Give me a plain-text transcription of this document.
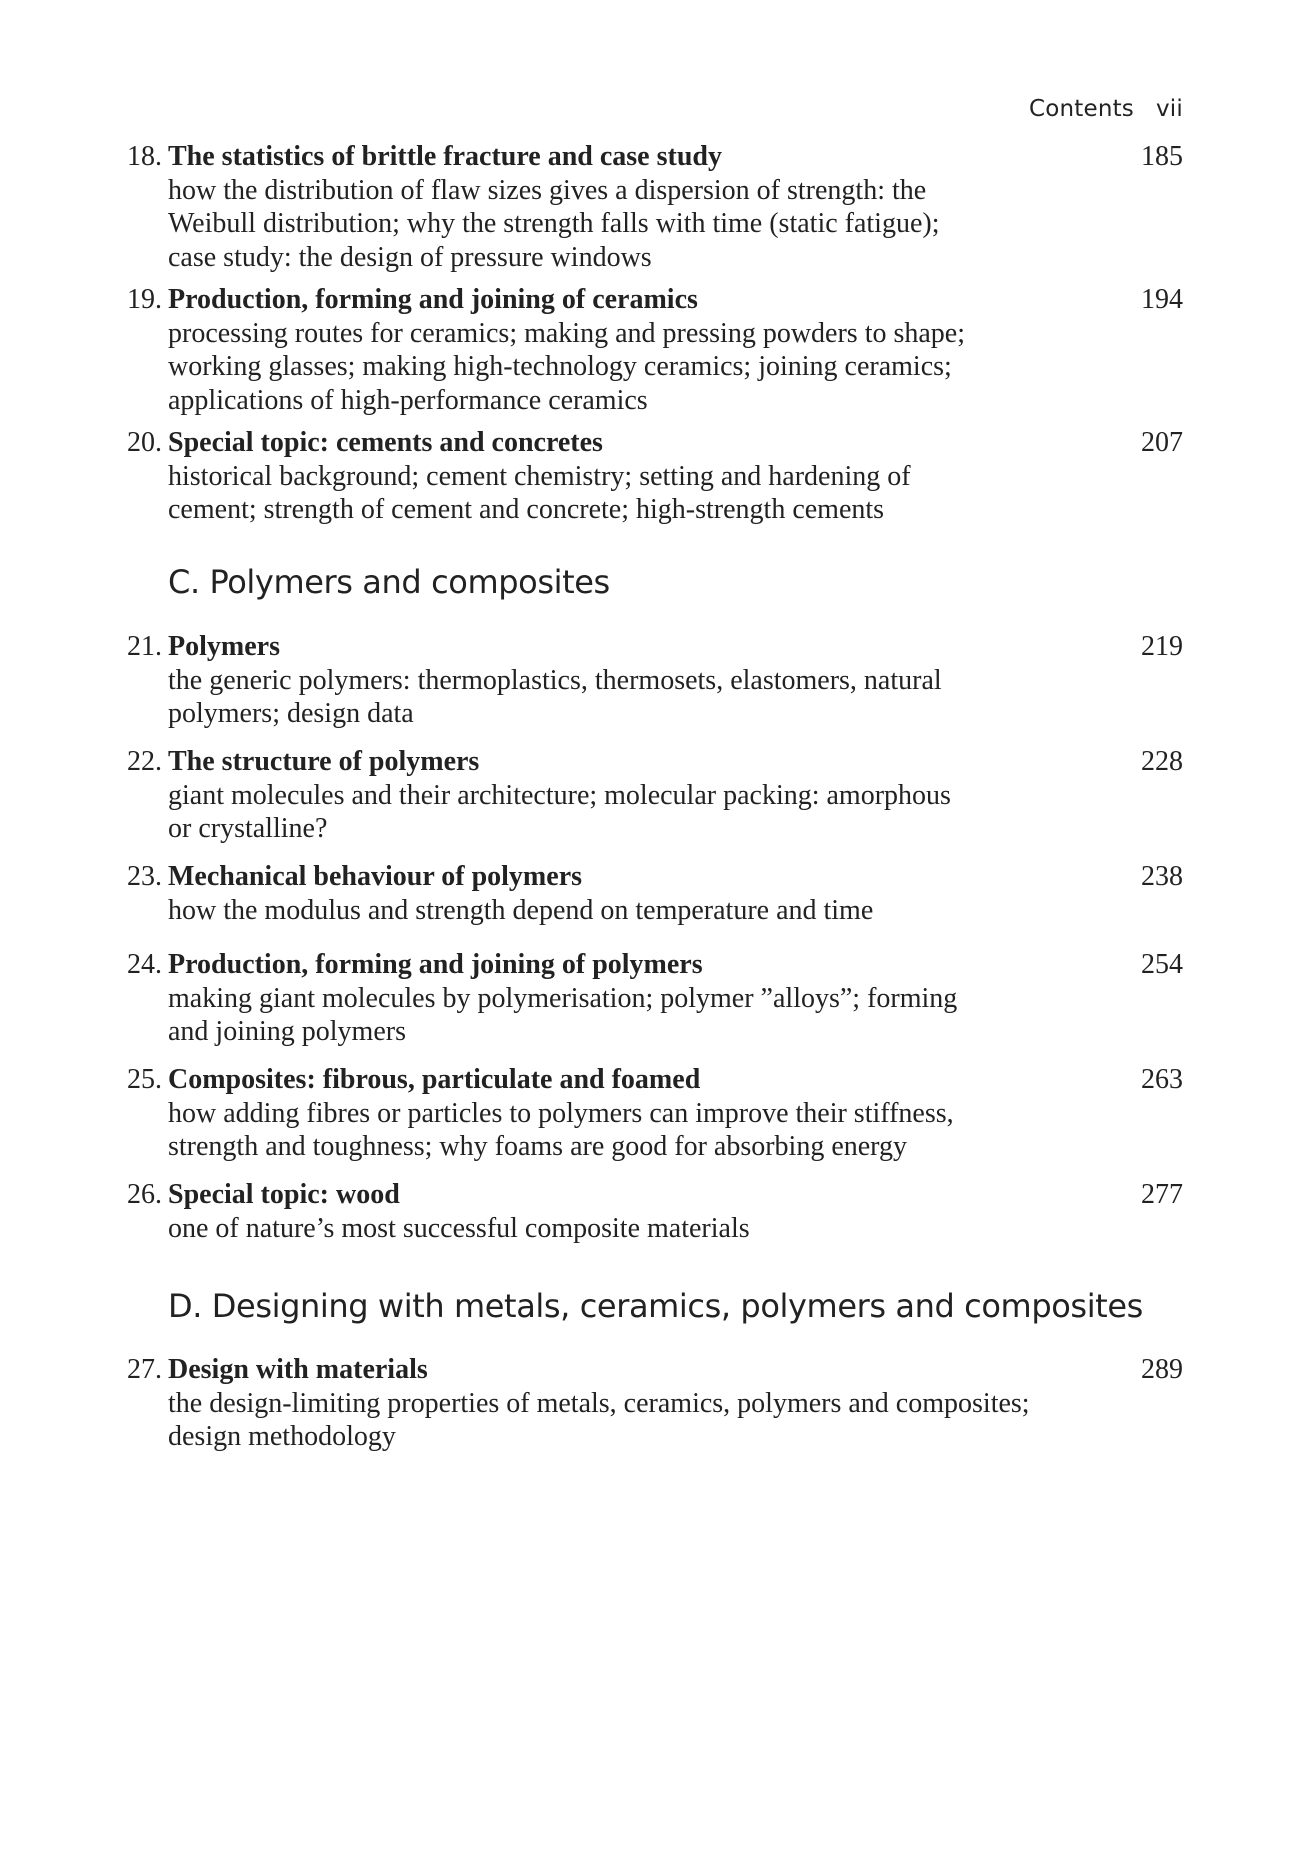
Contents vii
18. The statistics of brittle fracture and case study	185
how the distribution of flaw sizes gives a dispersion of strength: the
Weibull distribution; why the strength falls with time (static fatigue);
case study: the design of pressure windows
19. Production, forming and joining of ceramics	194
processing routes for ceramics; making and pressing powders to shape;
working glasses; making high-technology ceramics; joining ceramics;
applications of high-performance ceramics
20. Special topic: cements and concretes	207
historical background; cement chemistry; setting and hardening of
cement; strength of cement and concrete; high-strength cements
C. Polymers and composites
21. Polymers	219
the generic polymers: thermoplastics, thermosets, elastomers, natural
polymers; design data
22. The structure of polymers	228
giant molecules and their architecture; molecular packing: amorphous
or crystalline?
23. Mechanical behaviour of polymers	238
how the modulus and strength depend on temperature and time
24. Production, forming and joining of polymers	254
making giant molecules by polymerisation; polymer ”alloys”; forming
and joining polymers
25. Composites: fibrous, particulate and foamed	263
how adding fibres or particles to polymers can improve their stiffness,
strength and toughness; why foams are good for absorbing energy
26. Special topic: wood	277
one of nature’s most successful composite materials
D. Designing with metals, ceramics, polymers and composites
27. Design with materials	289
the design-limiting properties of metals, ceramics, polymers and composites;
design methodology
